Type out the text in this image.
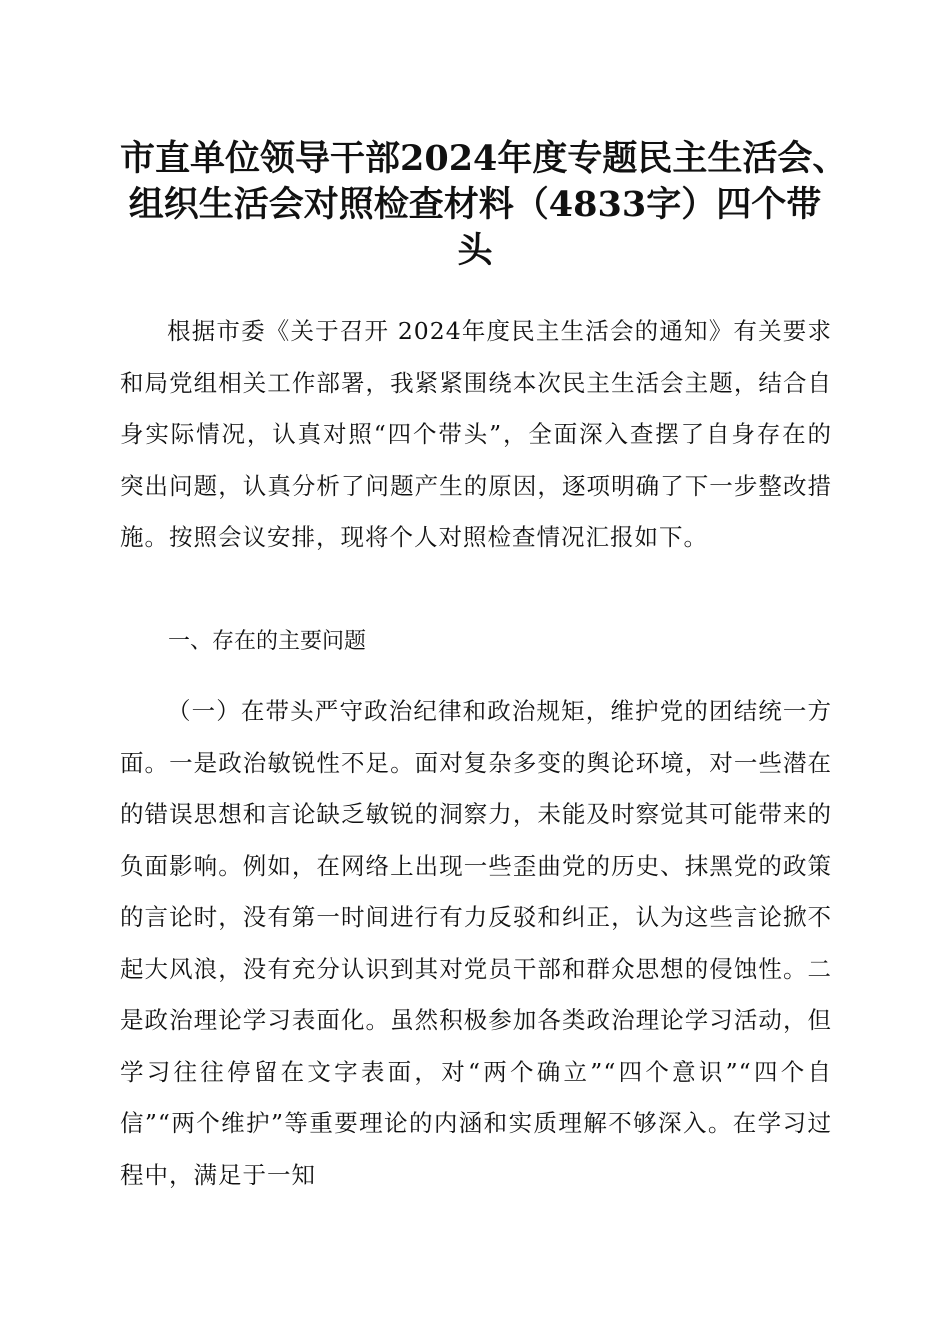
市直单位领导干部2024年度专题民主生活会、
组织生活会对照检查材料（4833字）四个带
头

根据市委《关于召开 2024年度民主生活会的通知》有关要求和局党组相关工作部署，我紧紧围绕本次民主生活会主题，结合自身实际情况，认真对照“四个带头”，全面深入查摆了自身存在的突出问题，认真分析了问题产生的原因，逐项明确了下一步整改措施。按照会议安排，现将个人对照检查情况汇报如下。

一、存在的主要问题

（一）在带头严守政治纪律和政治规矩，维护党的团结统一方面。一是政治敏锐性不足。面对复杂多变的舆论环境，对一些潜在的错误思想和言论缺乏敏锐的洞察力，未能及时察觉其可能带来的负面影响。例如，在网络上出现一些歪曲党的历史、抹黑党的政策的言论时，没有第一时间进行有力反驳和纠正，认为这些言论掀不起大风浪，没有充分认识到其对党员干部和群众思想的侵蚀性。二是政治理论学习表面化。虽然积极参加各类政治理论学习活动，但学习往往停留在文字表面，对“两个确立”“四个意识”“四个自信”“两个维护”等重要理论的内涵和实质理解不够深入。在学习过程中，满足于一知
